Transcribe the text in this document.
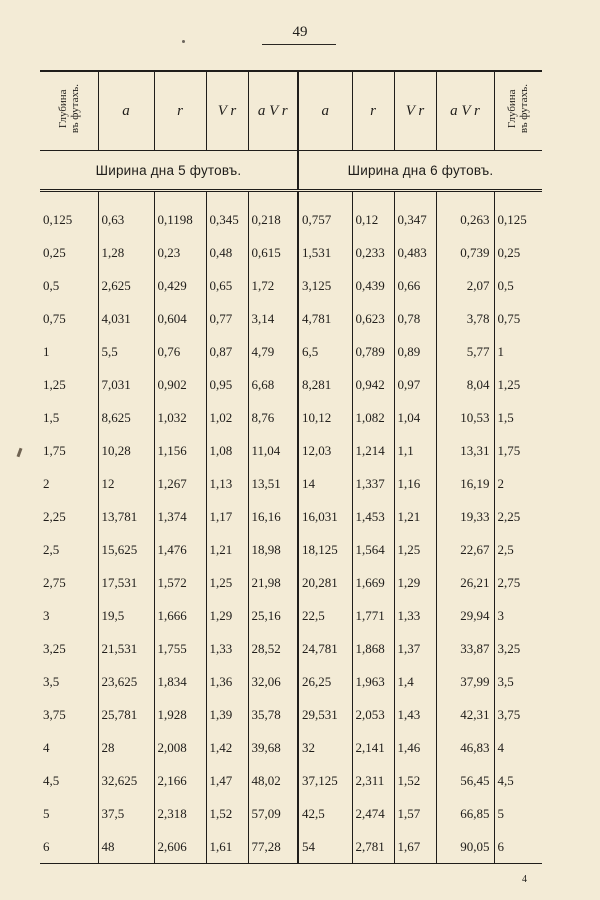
49
Глубина въ футахъ.	a	r	V r	a V r	a	r	V r	a V r	Глубина въ футахъ.

Ширина дна 5 футовъ.					Ширина дна 6 футовъ.				

0,125	0,63	0,1198	0,345	0,218	0,757	0,12	0,347	0,263	0,125
0,25	1,28	0,23	0,48	0,615	1,531	0,233	0,483	0,739	0,25
0,5	2,625	0,429	0,65	1,72	3,125	0,439	0,66	2,07	0,5
0,75	4,031	0,604	0,77	3,14	4,781	0,623	0,78	3,78	0,75
1	5,5	0,76	0,87	4,79	6,5	0,789	0,89	5,77	1
1,25	7,031	0,902	0,95	6,68	8,281	0,942	0,97	8,04	1,25
1,5	8,625	1,032	1,02	8,76	10,12	1,082	1,04	10,53	1,5
1,75	10,28	1,156	1,08	11,04	12,03	1,214	1,1	13,31	1,75
2	12	1,267	1,13	13,51	14	1,337	1,16	16,19	2
2,25	13,781	1,374	1,17	16,16	16,031	1,453	1,21	19,33	2,25
2,5	15,625	1,476	1,21	18,98	18,125	1,564	1,25	22,67	2,5
2,75	17,531	1,572	1,25	21,98	20,281	1,669	1,29	26,21	2,75
3	19,5	1,666	1,29	25,16	22,5	1,771	1,33	29,94	3
3,25	21,531	1,755	1,33	28,52	24,781	1,868	1,37	33,87	3,25
3,5	23,625	1,834	1,36	32,06	26,25	1,963	1,4	37,99	3,5
3,75	25,781	1,928	1,39	35,78	29,531	2,053	1,43	42,31	3,75
4	28	2,008	1,42	39,68	32	2,141	1,46	46,83	4
4,5	32,625	2,166	1,47	48,02	37,125	2,311	1,52	56,45	4,5
5	37,5	2,318	1,52	57,09	42,5	2,474	1,57	66,85	5
6	48	2,606	1,61	77,28	54	2,781	1,67	90,05	6
4
